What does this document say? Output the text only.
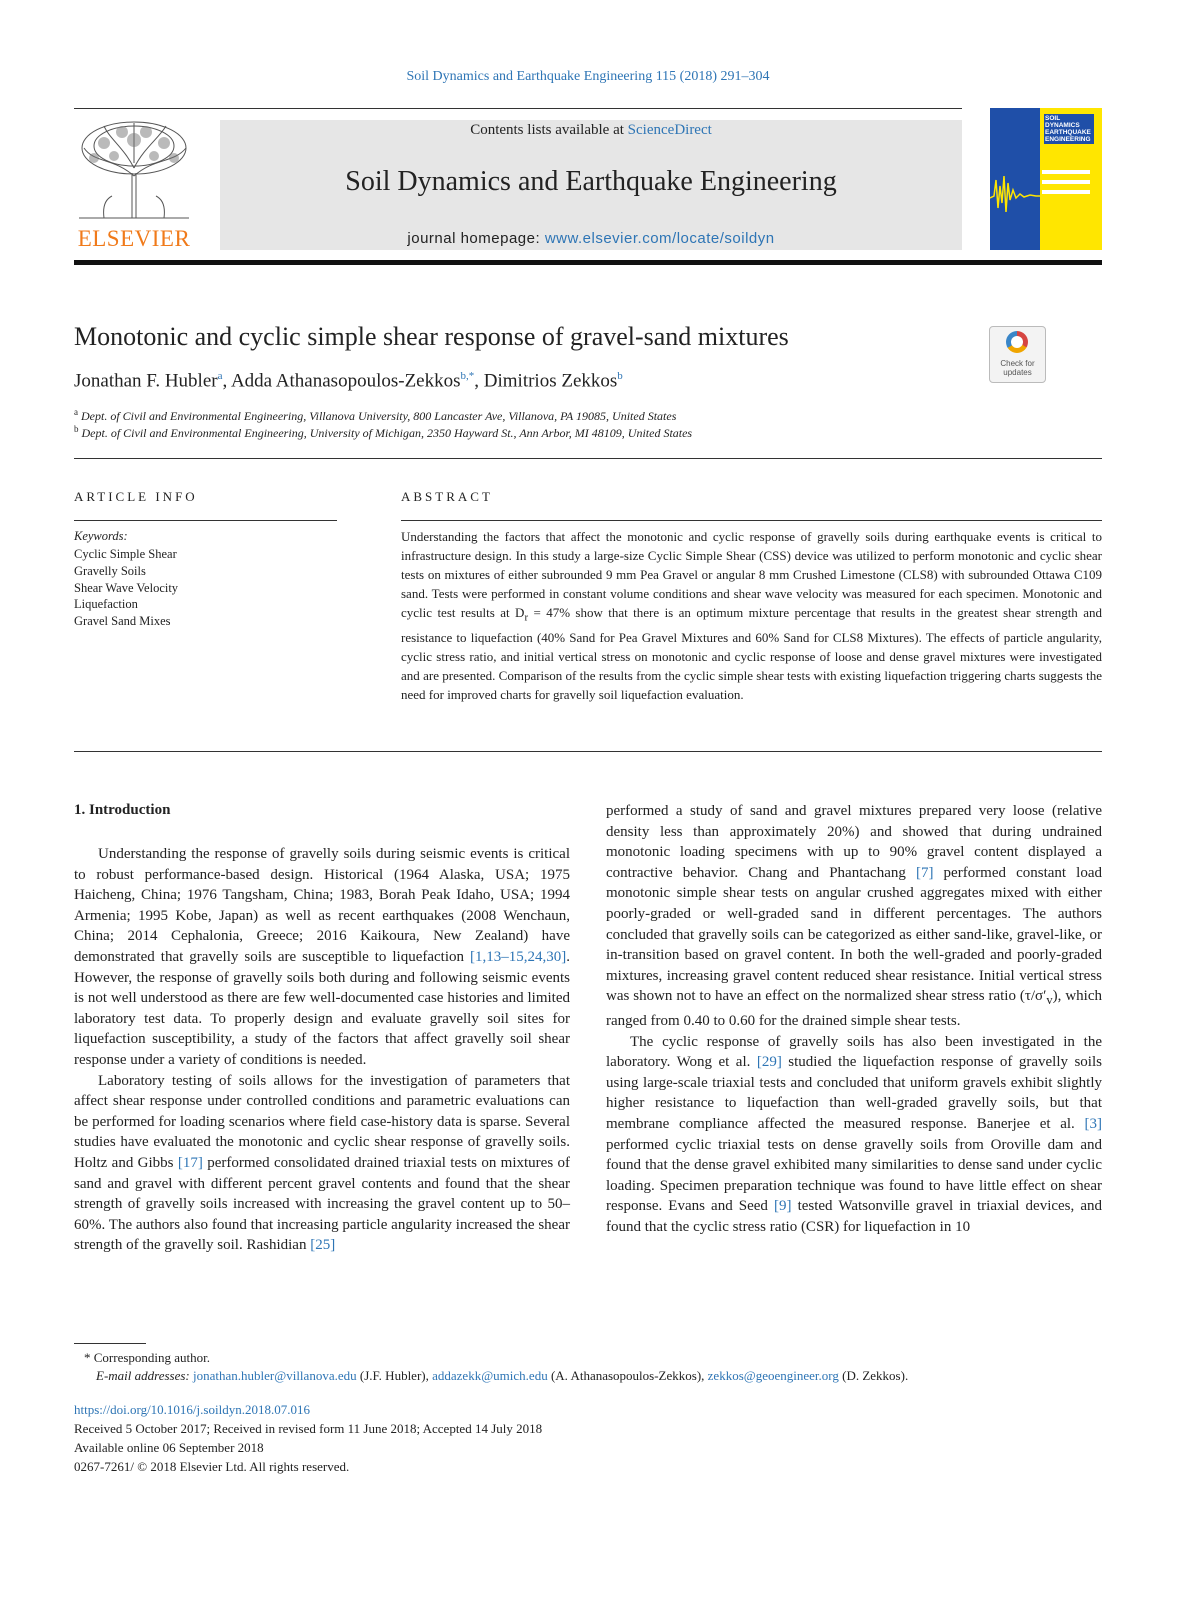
Soil Dynamics and Earthquake Engineering 115 (2018) 291–304
ELSEVIER
Contents lists available at ScienceDirect
Soil Dynamics and Earthquake Engineering
journal homepage: www.elsevier.com/locate/soildyn
SOIL DYNAMICS EARTHQUAKE ENGINEERING
Monotonic and cyclic simple shear response of gravel-sand mixtures
Check for updates
Jonathan F. Hubler$^a$, Adda Athanasopoulos-Zekkos$^{b,*}$, Dimitrios Zekkos$^b$
$^a$ Dept. of Civil and Environmental Engineering, Villanova University, 800 Lancaster Ave, Villanova, PA 19085, United States
$^b$ Dept. of Civil and Environmental Engineering, University of Michigan, 2350 Hayward St., Ann Arbor, MI 48109, United States
ARTICLE INFO
Keywords:
Cyclic Simple Shear
Gravelly Soils
Shear Wave Velocity
Liquefaction
Gravel Sand Mixes
ABSTRACT
Understanding the factors that affect the monotonic and cyclic response of gravelly soils during earthquake events is critical to infrastructure design. In this study a large-size Cyclic Simple Shear (CSS) device was utilized to perform monotonic and cyclic shear tests on mixtures of either subrounded 9 mm Pea Gravel or angular 8 mm Crushed Limestone (CLS8) with subrounded Ottawa C109 sand. Tests were performed in constant volume conditions and shear wave velocity was measured for each specimen. Monotonic and cyclic test results at $D_r = 47\%$ show that there is an optimum mixture percentage that results in the greatest shear strength and resistance to liquefaction (40% Sand for Pea Gravel Mixtures and 60% Sand for CLS8 Mixtures). The effects of particle angularity, cyclic stress ratio, and initial vertical stress on monotonic and cyclic response of loose and dense gravel mixtures were investigated and are presented. Comparison of the results from the cyclic simple shear tests with existing liquefaction triggering charts suggests the need for improved charts for gravelly soil liquefaction evaluation.
1. Introduction

Understanding the response of gravelly soils during seismic events is critical to robust performance-based design. Historical (1964 Alaska, USA; 1975 Haicheng, China; 1976 Tangsham, China; 1983, Borah Peak Idaho, USA; 1994 Armenia; 1995 Kobe, Japan) as well as recent earthquakes (2008 Wenchaun, China; 2014 Cephalonia, Greece; 2016 Kaikoura, New Zealand) have demonstrated that gravelly soils are susceptible to liquefaction [1,13–15,24,30]. However, the response of gravelly soils both during and following seismic events is not well understood as there are few well-documented case histories and limited laboratory test data. To properly design and evaluate gravelly soil sites for liquefaction susceptibility, a study of the factors that affect gravelly soil shear response under a variety of conditions is needed.

Laboratory testing of soils allows for the investigation of parameters that affect shear response under controlled conditions and parametric evaluations can be performed for loading scenarios where field case-history data is sparse. Several studies have evaluated the monotonic and cyclic shear response of gravelly soils. Holtz and Gibbs [17] performed consolidated drained triaxial tests on mixtures of sand and gravel with different percent gravel contents and found that the shear strength of gravelly soils increased with increasing the gravel content up to 50–60%. The authors also found that increasing particle angularity increased the shear strength of the gravelly soil. Rashidian [25]

performed a study of sand and gravel mixtures prepared very loose (relative density less than approximately 20%) and showed that during undrained monotonic loading specimens with up to 90% gravel content displayed a contractive behavior. Chang and Phantachang [7] performed constant load monotonic simple shear tests on angular crushed aggregates mixed with either poorly-graded or well-graded sand in different percentages. The authors concluded that gravelly soils can be categorized as either sand-like, gravel-like, or in-transition based on gravel content. In both the well-graded and poorly-graded mixtures, increasing gravel content reduced shear resistance. Initial vertical stress was shown not to have an effect on the normalized shear stress ratio $(\tau/\sigma'_v)$, which ranged from 0.40 to 0.60 for the drained simple shear tests.

The cyclic response of gravelly soils has also been investigated in the laboratory. Wong et al. [29] studied the liquefaction response of gravelly soils using large-scale triaxial tests and concluded that uniform gravels exhibit slightly higher resistance to liquefaction than well-graded gravelly soils, but that membrane compliance affected the measured response. Banerjee et al. [3] performed cyclic triaxial tests on dense gravelly soils from Oroville dam and found that the dense gravel exhibited many similarities to dense sand under cyclic loading. Specimen preparation technique was found to have little effect on shear response. Evans and Seed [9] tested Watsonville gravel in triaxial devices, and found that the cyclic stress ratio (CSR) for liquefaction in 10

* Corresponding author.
E-mail addresses: jonathan.hubler@villanova.edu (J.F. Hubler), addazekk@umich.edu (A. Athanasopoulos-Zekkos), zekkos@geoengineer.org (D. Zekkos).
https://doi.org/10.1016/j.soildyn.2018.07.016
Received 5 October 2017; Received in revised form 11 June 2018; Accepted 14 July 2018
Available online 06 September 2018
0267-7261/ © 2018 Elsevier Ltd. All rights reserved.
